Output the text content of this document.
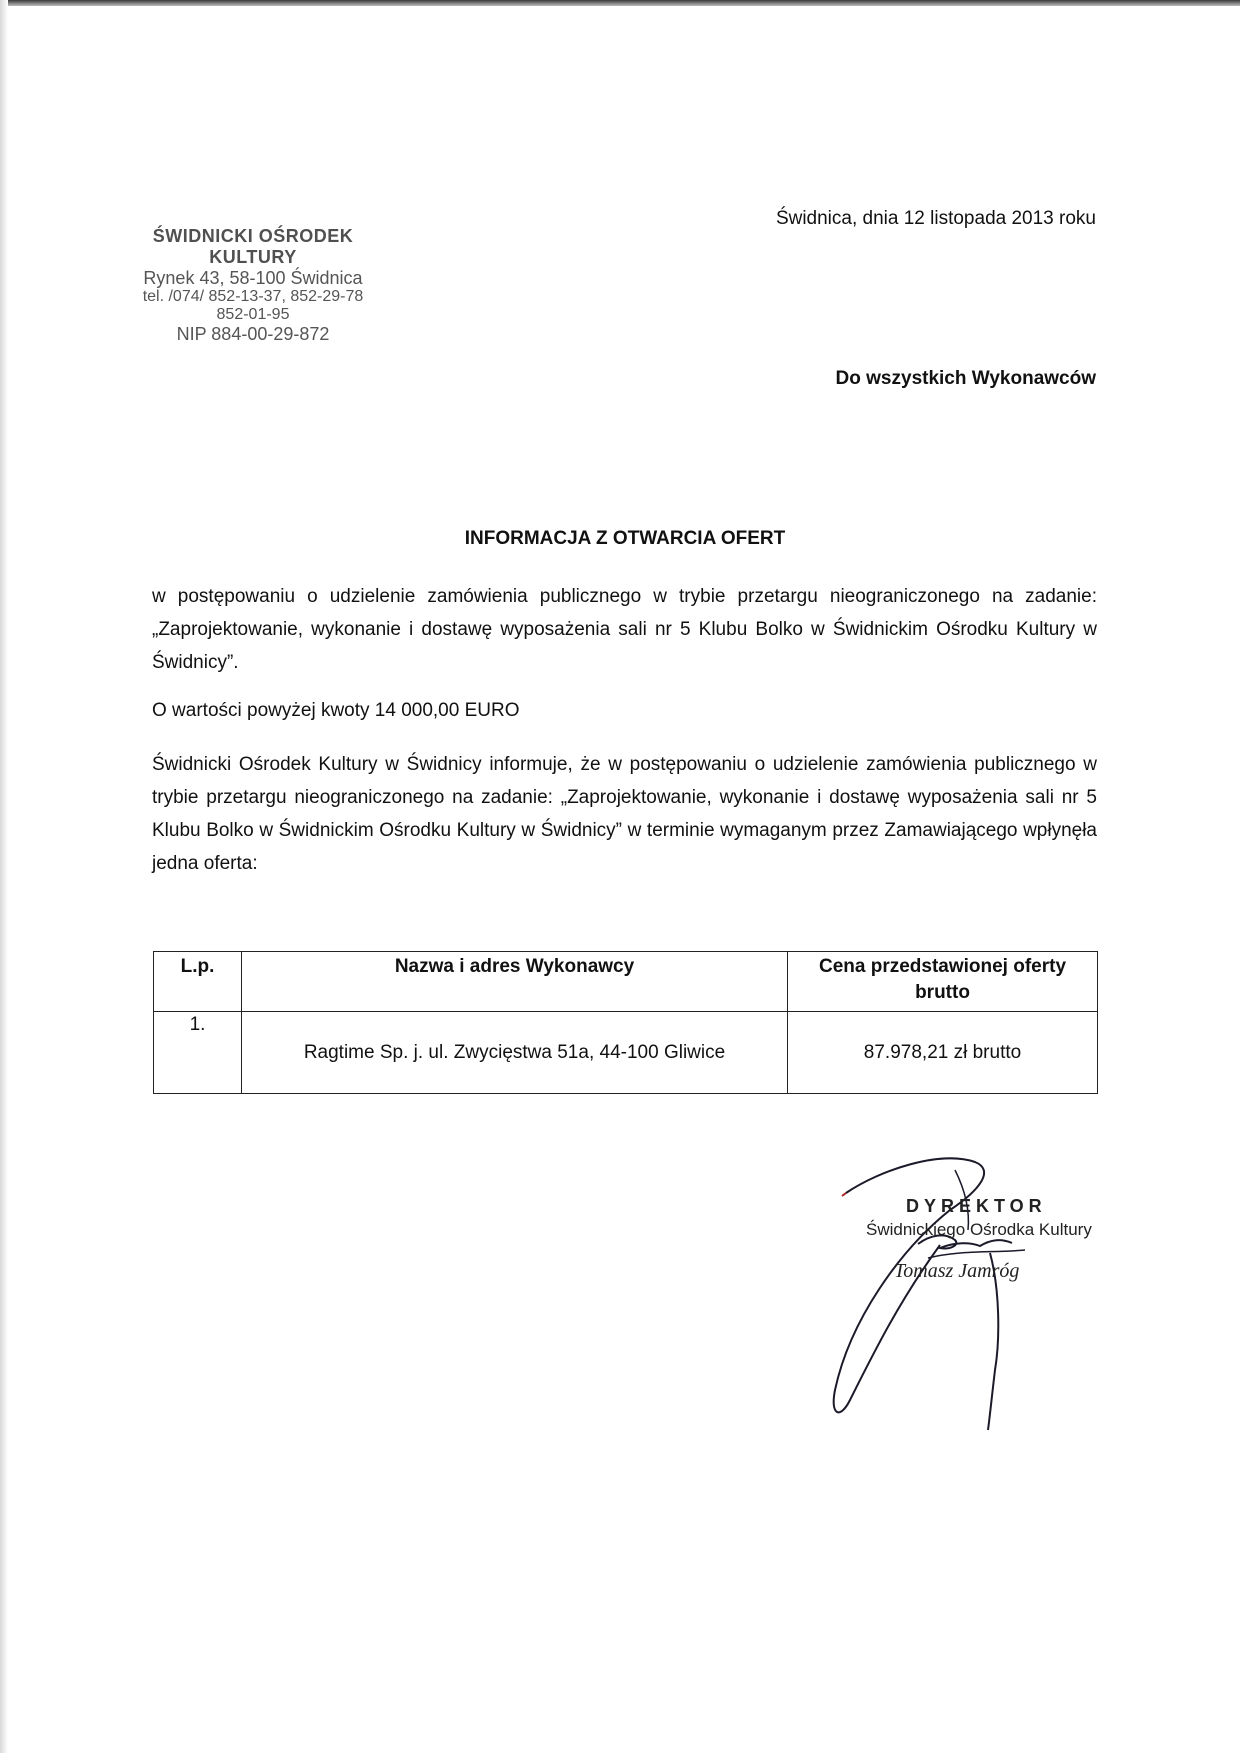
ŚWIDNICKI OŚRODEK KULTURY
Rynek 43, 58-100 Świdnica
tel. /074/ 852-13-37, 852-29-78
852-01-95
NIP 884-00-29-872
Świdnica, dnia 12 listopada 2013 roku
Do wszystkich Wykonawców
INFORMACJA Z OTWARCIA OFERT
w postępowaniu o udzielenie zamówienia publicznego w trybie przetargu nieograniczonego na zadanie: „Zaprojektowanie, wykonanie i dostawę wyposażenia sali nr 5 Klubu Bolko w Świdnickim Ośrodku Kultury w Świdnicy”.
O wartości powyżej kwoty 14 000,00 EURO
Świdnicki Ośrodek Kultury w Świdnicy informuje, że w postępowaniu o udzielenie zamówienia publicznego w trybie przetargu nieograniczonego na zadanie: „Zaprojektowanie, wykonanie i dostawę wyposażenia sali nr 5 Klubu Bolko w Świdnickim Ośrodku Kultury w Świdnicy” w terminie wymaganym przez Zamawiającego wpłynęła jedna oferta:
L.p.	Nazwa i adres Wykonawcy	Cena przedstawionej oferty brutto
1.	Ragtime Sp. j. ul. Zwycięstwa 51a, 44-100 Gliwice	87.978,21 zł brutto
DYREKTOR
Świdnickiego Ośrodka Kultury
Tomasz Jamróg
